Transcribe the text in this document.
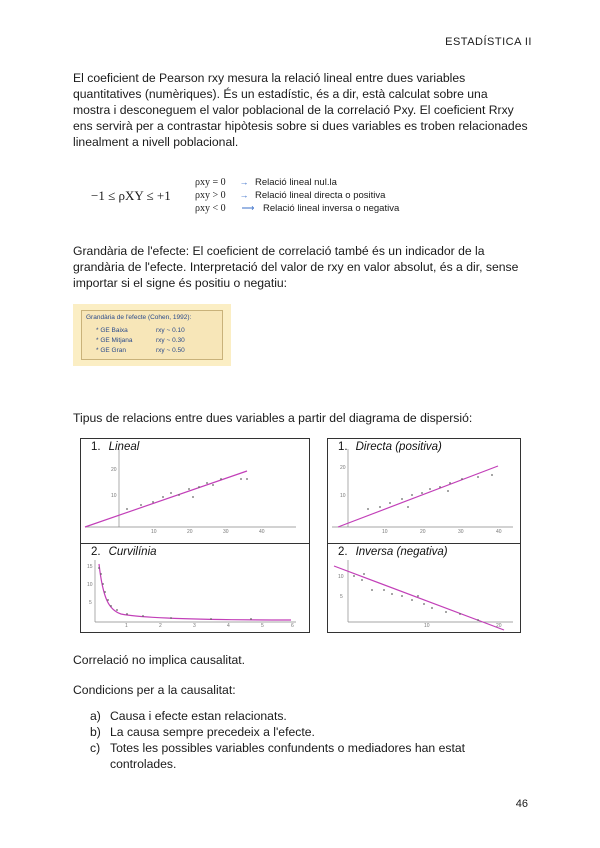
ESTADÍSTICA II
El coeficient de Pearson rxy mesura la relació lineal entre dues variables quantitatives (numèriques). És un estadístic, és a dir, està calculat sobre una mostra i desconeguem el valor poblacional de la correlació Pxy. El coeficient Rrxy ens servirà per a contrastar hipòtesis sobre si dues variables es troben relacionades linealment a nivell poblacional.
−1 ≤ ρXY ≤ +1
ρxy = 0 → Relació lineal nul.la
ρxy > 0 → Relació lineal directa o positiva
ρxy < 0 ⟶ Relació lineal inversa o negativa
Grandària de l'efecte: El coeficient de correlació també és un indicador de la grandària de l'efecte. Interpretació del valor de rxy en valor absolut, és a dir, sense importar si el signe és positiu o negatiu:
Grandària de l'efecte (Cohen, 1992):
* GE Baixa	rxy ~ 0.10
* GE Mitjana	rxy ~ 0.30
* GE Gran	rxy ~ 0.50
Tipus de relacions entre dues variables a partir del diagrama de dispersió:
1. Lineal
20
10
10	20	30	40
1. Directa (positiva)
20
10
10	20	30	40
2. Curvilínia
15
10
5
1	2	3	4	5	6
2. Inversa (negativa)
10
5
10	20
Correlació no implica causalitat.
Condicions per a la causalitat:
a) Causa i efecte estan relacionats.
b) La causa sempre precedeix a l'efecte.
c) Totes les possibles variables confundents o mediadores han estat controlades.
46
